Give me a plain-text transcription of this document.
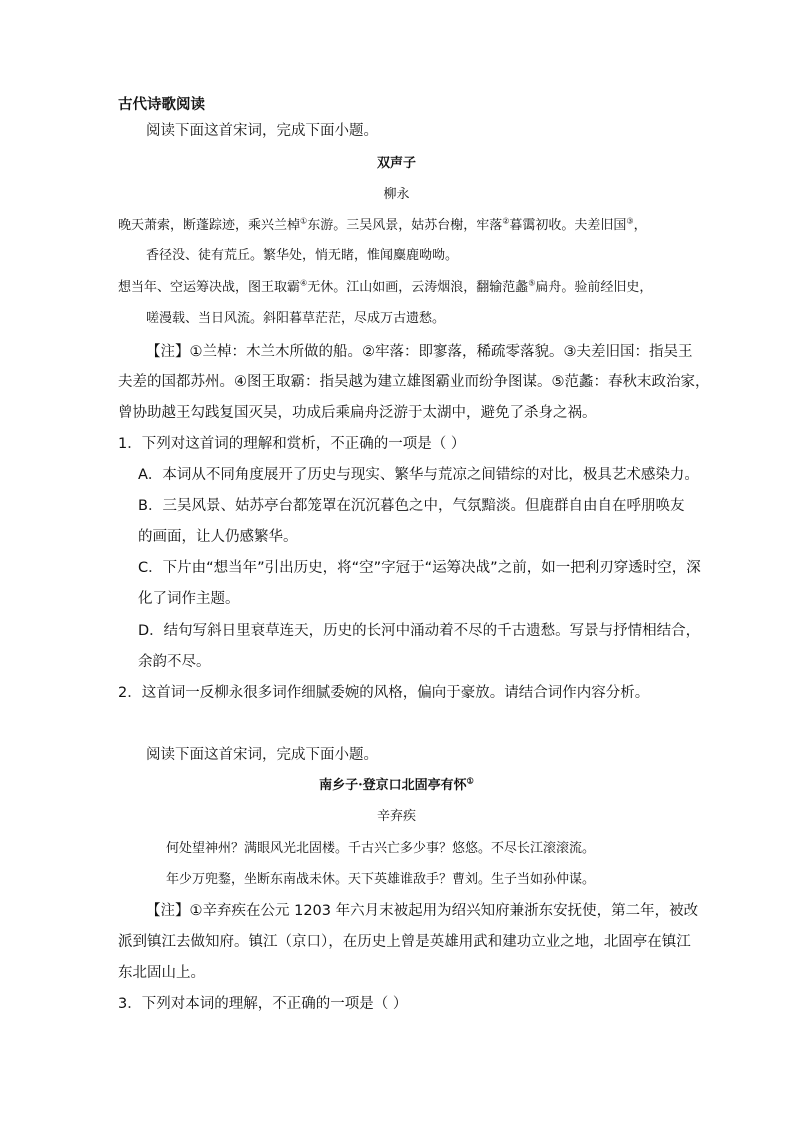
古代诗歌阅读
阅读下面这首宋词，完成下面小题。
双声子
柳永
晚天萧索，断蓬踪迹，乘兴兰棹①东游。三吴风景，姑苏台榭，牢落②暮霭初收。夫差旧国③，
香径没、徒有荒丘。繁华处，悄无睹，惟闻麋鹿呦呦。
想当年、空运筹决战，图王取霸④无休。江山如画，云涛烟浪，翻输范蠡⑤扁舟。验前经旧史，
嗟漫载、当日风流。斜阳暮草茫茫，尽成万古遗愁。
【注】①兰棹：木兰木所做的船。②牢落：即寥落，稀疏零落貌。③夫差旧国：指吴王
夫差的国都苏州。④图王取霸：指吴越为建立雄图霸业而纷争图谋。⑤范蠡：春秋末政治家，
曾协助越王勾践复国灭吴，功成后乘扁舟泛游于太湖中，避免了杀身之祸。
1．下列对这首词的理解和赏析，不正确的一项是（ ）
A．本词从不同角度展开了历史与现实、繁华与荒凉之间错综的对比，极具艺术感染力。
B．三吴风景、姑苏亭台都笼罩在沉沉暮色之中，气氛黯淡。但鹿群自由自在呼朋唤友
的画面，让人仍感繁华。
C．下片由“想当年”引出历史，将“空”字冠于“运筹决战”之前，如一把利刃穿透时空，深
化了词作主题。
D．结句写斜日里衰草连天，历史的长河中涌动着不尽的千古遗愁。写景与抒情相结合，
余韵不尽。
2．这首词一反柳永很多词作细腻委婉的风格，偏向于豪放。请结合词作内容分析。
阅读下面这首宋词，完成下面小题。
南乡子·登京口北固亭有怀①
辛弃疾
何处望神州？满眼风光北固楼。千古兴亡多少事？悠悠。不尽长江滚滚流。
年少万兜鍪，坐断东南战未休。天下英雄谁敌手？曹刘。生子当如孙仲谋。
【注】①辛弃疾在公元 1203 年六月末被起用为绍兴知府兼浙东安抚使，第二年，被改
派到镇江去做知府。镇江（京口），在历史上曾是英雄用武和建功立业之地，北固亭在镇江
东北固山上。
3．下列对本词的理解，不正确的一项是（ ）
